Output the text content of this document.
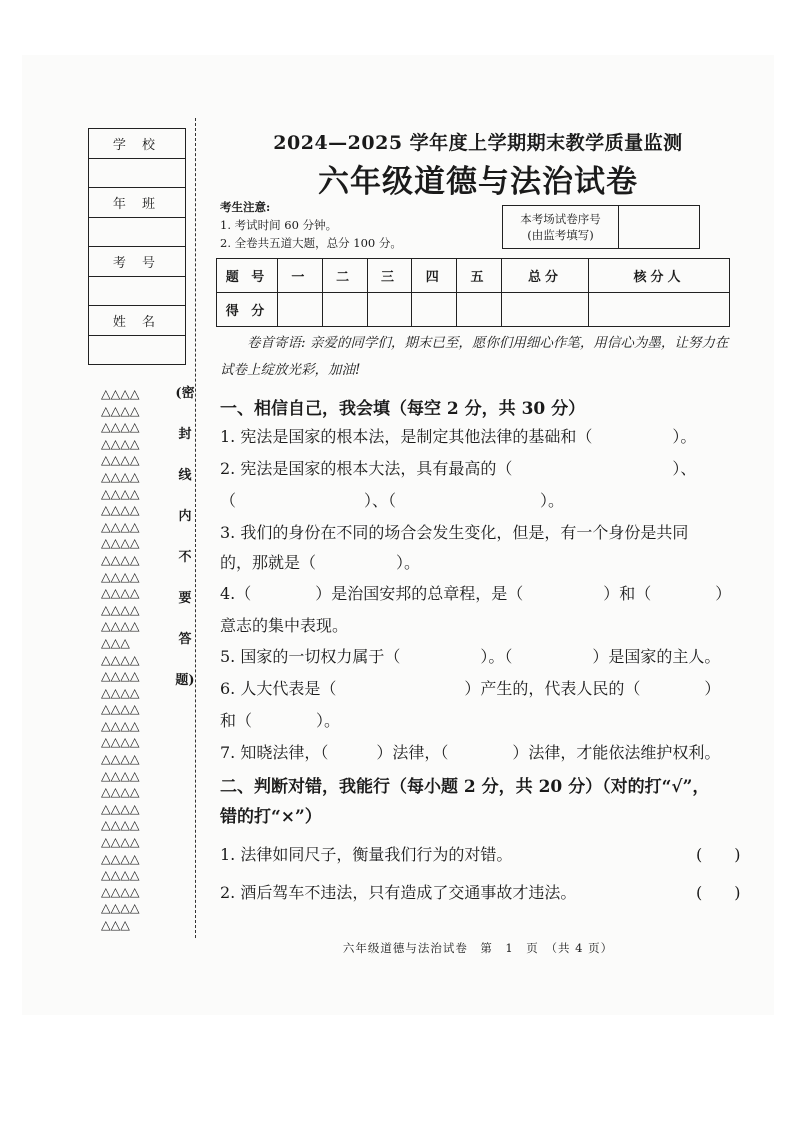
学 校

年 班

考 号

姓 名

△△△△
△△△△
△△△△
△△△△
△△△△
△△△△
△△△△
△△△△
△△△△
△△△△
△△△△
△△△△
△△△△
△△△△
△△△△
△△△
△△△△
△△△△
△△△△
△△△△
△△△△
△△△△
△△△△
△△△△
△△△△
△△△△
△△△△
△△△△
△△△△
△△△△
△△△△
△△△△
△△△
(密
封
线
内
不
要
答
题)
2024—2025 学年度上学期期末教学质量监测
六年级道德与法治试卷
考生注意:
1. 考试时间 60 分钟。
2. 全卷共五道大题，总分 100 分。
本考场试卷序号
(由监考填写)
题 号	一	二	三	四	五	总分	核分人
得 分							
卷首寄语: 亲爱的同学们，期末已至，愿你们用细心作笔，用信心为墨，让努力在试卷上绽放光彩，加油!
一、相信自己，我会填（每空 2 分，共 30 分）
1. 宪法是国家的根本法，是制定其他法律的基础和（　　　　　）。
2. 宪法是国家的根本大法，具有最高的（　　　　　　　　　　）、
（　　　　　　　　）、（　　　　　　　　　）。
3. 我们的身份在不同的场合会发生变化，但是，有一个身份是共同
的，那就是（　　　　　）。
4.（　　　　）是治国安邦的总章程，是（　　　　　）和（　　　　）
意志的集中表现。
5. 国家的一切权力属于（　　　　　）。（　　　　　）是国家的主人。
6. 人大代表是（　　　　　　　　）产生的，代表人民的（　　　　）
和（　　　　）。
7. 知晓法律，（　　　）法律，（　　　　）法律，才能依法维护权利。
二、判断对错，我能行（每小题 2 分，共 20 分）（对的打“√”，
错的打“×”）
1. 法律如同尺子，衡量我们行为的对错。	(　　)
2. 酒后驾车不违法，只有造成了交通事故才违法。	(　　)
六年级道德与法治试卷　第　1　页　（共 4 页）
